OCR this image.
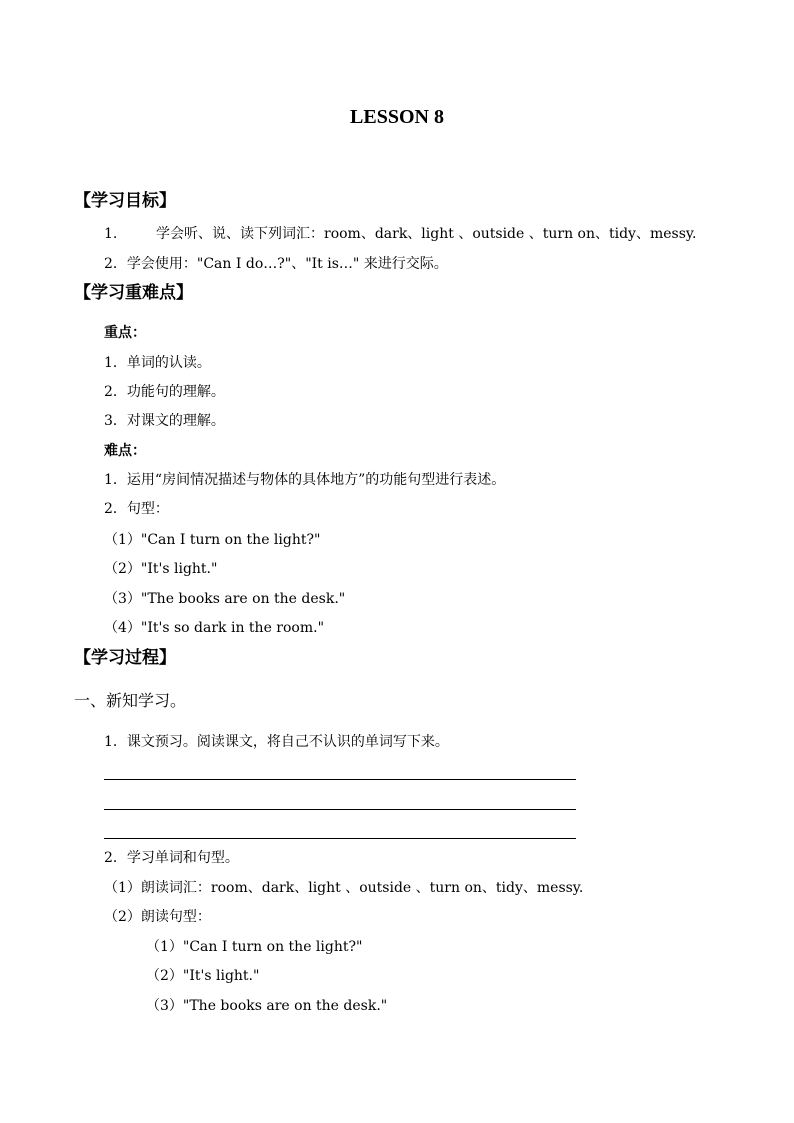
LESSON 8
【学习目标】
1.	学会听、说、读下列词汇：room、dark、light 、outside 、turn on、tidy、messy.
2．学会使用："Can I do…?"、"It is…" 来进行交际。
【学习重难点】
重点：
1．单词的认读。
2．功能句的理解。
3．对课文的理解。
难点：
1．运用“房间情况描述与物体的具体地方”的功能句型进行表述。
2．句型：
（1）"Can I turn on the light?"
（2）"It's light."
（3）"The books are on the desk."
（4）"It's so dark in the room."
【学习过程】
一、新知学习。
1．课文预习。阅读课文，将自己不认识的单词写下来。
2．学习单词和句型。
（1）朗读词汇：room、dark、light 、outside 、turn on、tidy、messy.
（2）朗读句型：
（1）"Can I turn on the light?"
（2）"It's light."
（3）"The books are on the desk."
